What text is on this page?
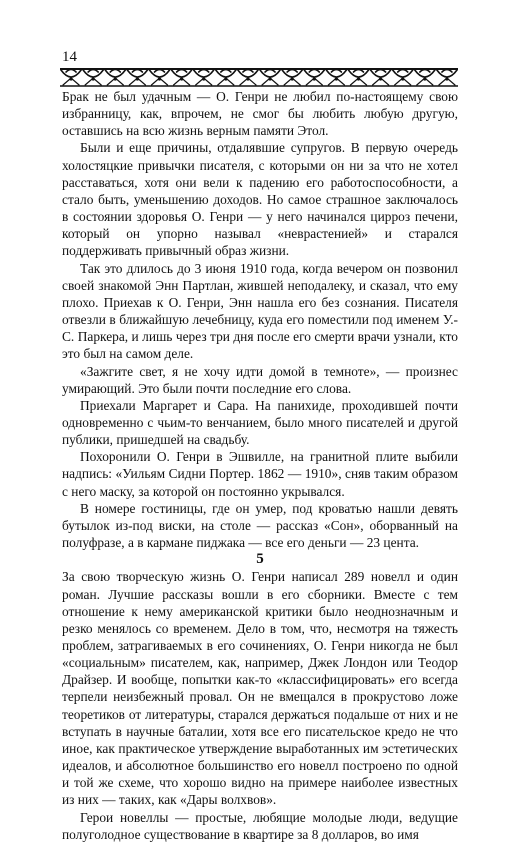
14

Брак не был удачным — О. Генри не любил по-настоящему свою избранницу, как, впрочем, не смог бы любить любую другую, оставшись на всю жизнь верным памяти Этол.

Были и еще причины, отдалявшие супругов. В первую очередь холостяцкие привычки писателя, с которыми он ни за что не хотел расставаться, хотя они вели к падению его работоспособности, а стало быть, уменьшению доходов. Но самое страшное заключалось в состоянии здоровья О. Генри — у него начинался цирроз печени, который он упорно называл «неврастенией» и старался поддерживать привычный образ жизни.

Так это длилось до 3 июня 1910 года, когда вечером он позвонил своей знакомой Энн Партлан, жившей неподалеку, и сказал, что ему плохо. Приехав к О. Генри, Энн нашла его без сознания. Писателя отвезли в ближайшую лечебницу, куда его поместили под именем У.-С. Паркера, и лишь через три дня после его смерти врачи узнали, кто это был на самом деле.

«Зажгите свет, я не хочу идти домой в темноте», — произнес умирающий. Это были почти последние его слова.

Приехали Маргарет и Сара. На панихиде, проходившей почти одновременно с чьим-то венчанием, было много писателей и другой публики, пришедшей на свадьбу.

Похоронили О. Генри в Эшвилле, на гранитной плите выбили надпись: «Уильям Сидни Портер. 1862 — 1910», сняв таким образом с него маску, за которой он постоянно укрывался.

В номере гостиницы, где он умер, под кроватью нашли девять бутылок из-под виски, на столе — рассказ «Сон», оборванный на полуфразе, а в кармане пиджака — все его деньги — 23 цента.

5

За свою творческую жизнь О. Генри написал 289 новелл и один роман. Лучшие рассказы вошли в его сборники. Вместе с тем отношение к нему американской критики было неоднозначным и резко менялось со временем. Дело в том, что, несмотря на тяжесть проблем, затрагиваемых в его сочинениях, О. Генри никогда не был «социальным» писателем, как, например, Джек Лондон или Теодор Драйзер. И вообще, попытки как-то «классифицировать» его всегда терпели неизбежный провал. Он не вмещался в прокрустово ложе теоретиков от литературы, старался держаться подальше от них и не вступать в научные баталии, хотя все его писательское кредо не что иное, как практическое утверждение выработанных им эстетических идеалов, и абсолютное большинство его новелл построено по одной и той же схеме, что хорошо видно на примере наиболее известных из них — таких, как «Дары волхвов».

Герои новеллы — простые, любящие молодые люди, ведущие полуголодное существование в квартире за 8 долларов, во имя
